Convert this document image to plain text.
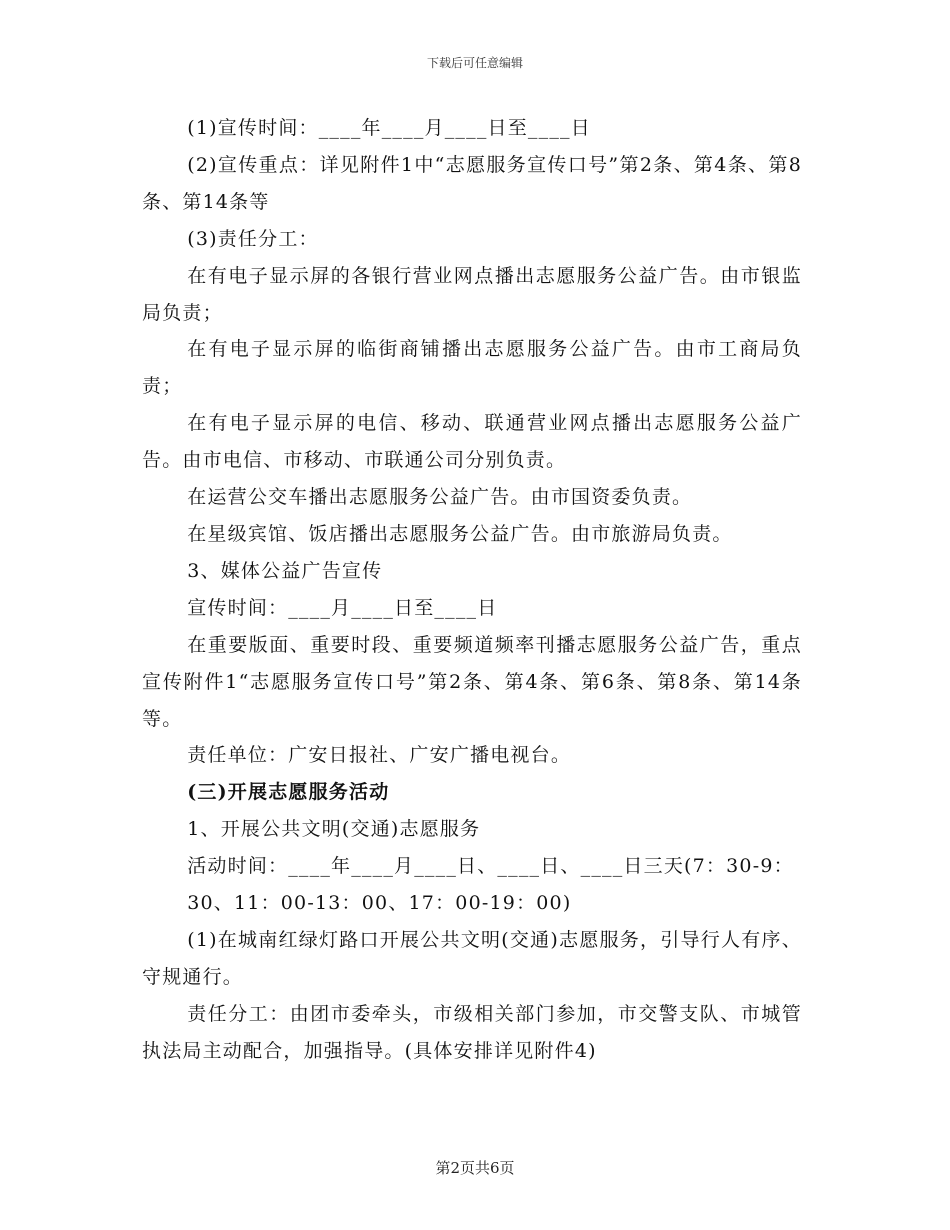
下载后可任意编辑

(1)宣传时间：____年____月____日至____日

(2)宣传重点：详见附件1中“志愿服务宣传口号”第2条、第4条、第8条、第14条等

(3)责任分工：

在有电子显示屏的各银行营业网点播出志愿服务公益广告。由市银监局负责；

在有电子显示屏的临街商铺播出志愿服务公益广告。由市工商局负责；

在有电子显示屏的电信、移动、联通营业网点播出志愿服务公益广告。由市电信、市移动、市联通公司分别负责。

在运营公交车播出志愿服务公益广告。由市国资委负责。

在星级宾馆、饭店播出志愿服务公益广告。由市旅游局负责。

3、媒体公益广告宣传

宣传时间：____月____日至____日

在重要版面、重要时段、重要频道频率刊播志愿服务公益广告，重点宣传附件1“志愿服务宣传口号”第2条、第4条、第6条、第8条、第14条等。

责任单位：广安日报社、广安广播电视台。

(三)开展志愿服务活动

1、开展公共文明(交通)志愿服务

活动时间：____年____月____日、____日、____日三天(7：30-9：

30、11：00-13：00、17：00-19：00)

(1)在城南红绿灯路口开展公共文明(交通)志愿服务，引导行人有序、守规通行。

责任分工：由团市委牵头，市级相关部门参加，市交警支队、市城管执法局主动配合，加强指导。(具体安排详见附件4)

第2页共6页
